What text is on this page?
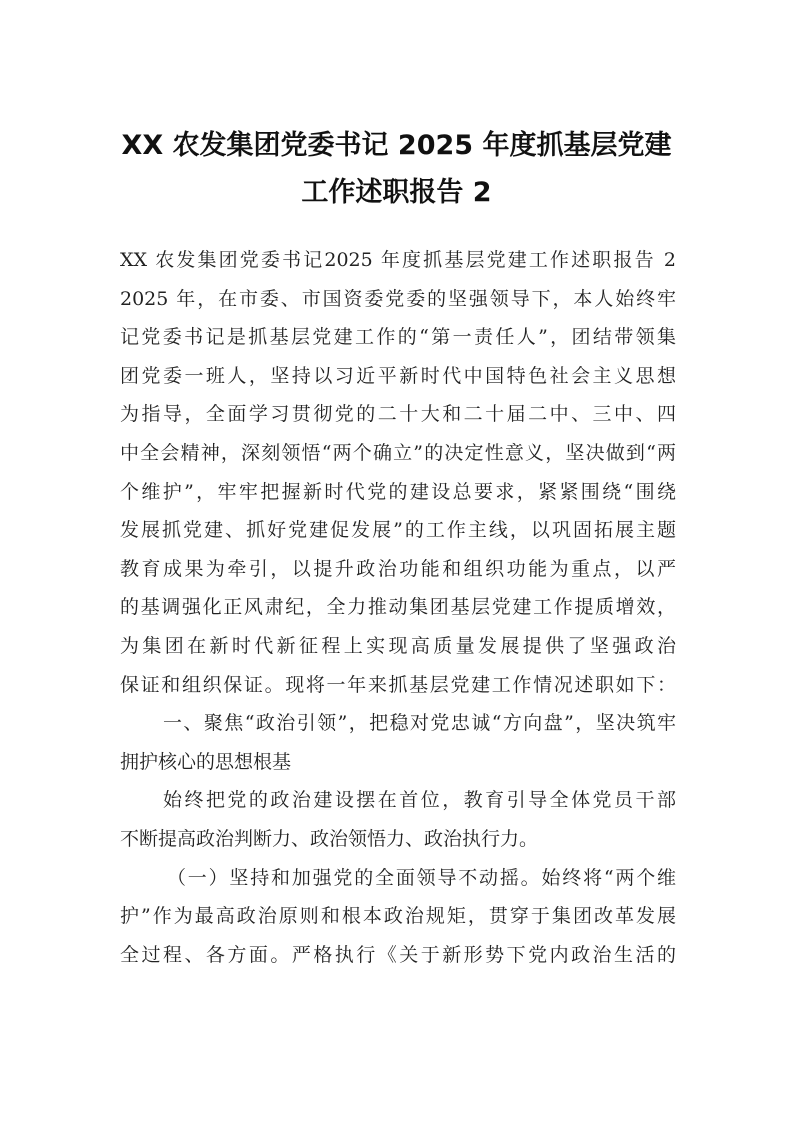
XX 农发集团党委书记 2025 年度抓基层党建
工作述职报告 2
XX 农发集团党委书记2025 年度抓基层党建工作述职报告 2
2025 年，在市委、市国资委党委的坚强领导下，本人始终牢
记党委书记是抓基层党建工作的“第一责任人”，团结带领集
团党委一班人，坚持以习近平新时代中国特色社会主义思想
为指导，全面学习贯彻党的二十大和二十届二中、三中、四
中全会精神，深刻领悟“两个确立”的决定性意义，坚决做到“两
个维护”，牢牢把握新时代党的建设总要求，紧紧围绕“围绕
发展抓党建、抓好党建促发展”的工作主线，以巩固拓展主题
教育成果为牵引，以提升政治功能和组织功能为重点，以严
的基调强化正风肃纪，全力推动集团基层党建工作提质增效，
为集团在新时代新征程上实现高质量发展提供了坚强政治
保证和组织保证。现将一年来抓基层党建工作情况述职如下：
一、聚焦“政治引领”，把稳对党忠诚“方向盘”，坚决筑牢
拥护核心的思想根基
始终把党的政治建设摆在首位，教育引导全体党员干部
不断提高政治判断力、政治领悟力、政治执行力。
（一）坚持和加强党的全面领导不动摇。始终将“两个维
护”作为最高政治原则和根本政治规矩，贯穿于集团改革发展
全过程、各方面。严格执行《关于新形势下党内政治生活的
